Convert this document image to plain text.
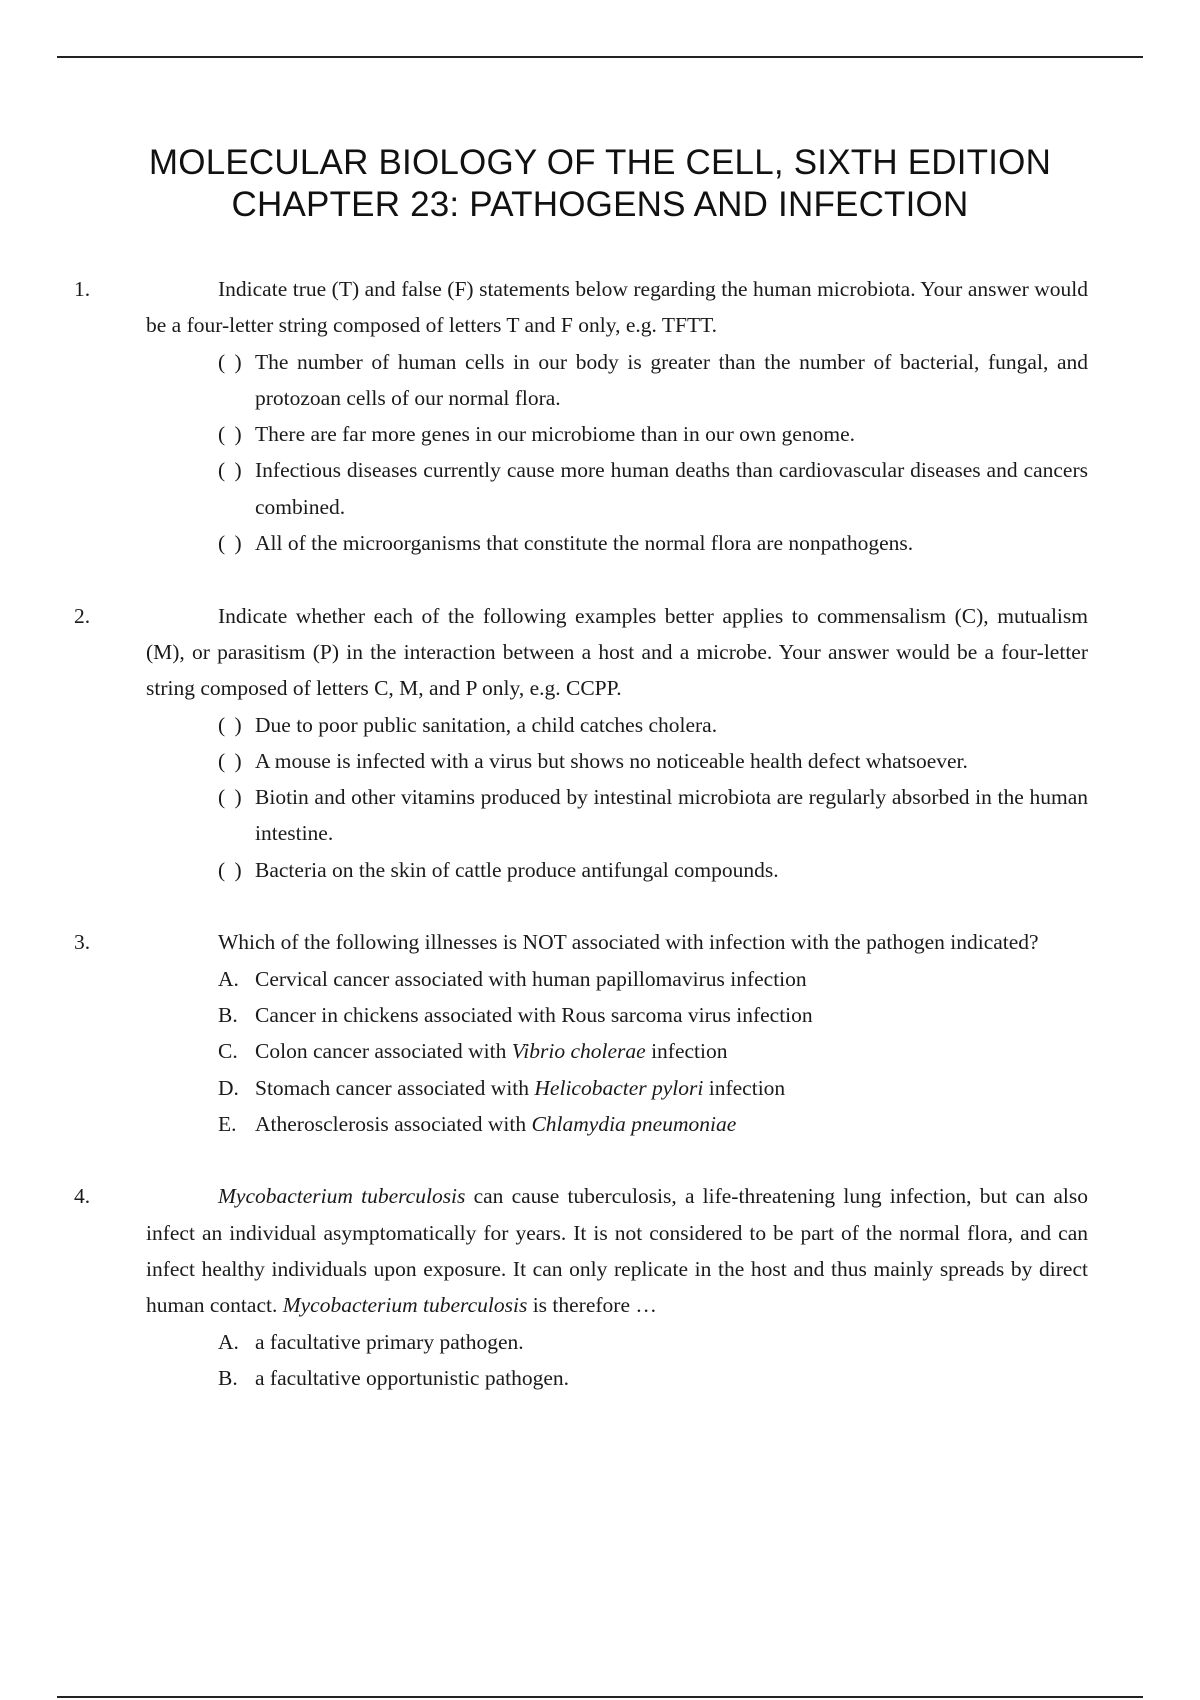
MOLECULAR BIOLOGY OF THE CELL, SIXTH EDITION
CHAPTER 23: PATHOGENS AND INFECTION
1.	Indicate true (T) and false (F) statements below regarding the human microbiota. Your answer would be a four-letter string composed of letters T and F only, e.g. TFTT.
( ) The number of human cells in our body is greater than the number of bacterial, fungal, and protozoan cells of our normal flora.
( ) There are far more genes in our microbiome than in our own genome.
( ) Infectious diseases currently cause more human deaths than cardiovascular diseases and cancers combined.
( ) All of the microorganisms that constitute the normal flora are nonpathogens.
2.	Indicate whether each of the following examples better applies to commensalism (C), mutualism (M), or parasitism (P) in the interaction between a host and a microbe. Your answer would be a four-letter string composed of letters C, M, and P only, e.g. CCPP.
( ) Due to poor public sanitation, a child catches cholera.
( ) A mouse is infected with a virus but shows no noticeable health defect whatsoever.
( ) Biotin and other vitamins produced by intestinal microbiota are regularly absorbed in the human intestine.
( ) Bacteria on the skin of cattle produce antifungal compounds.
3.	Which of the following illnesses is NOT associated with infection with the pathogen indicated?
A. Cervical cancer associated with human papillomavirus infection
B. Cancer in chickens associated with Rous sarcoma virus infection
C. Colon cancer associated with Vibrio cholerae infection
D. Stomach cancer associated with Helicobacter pylori infection
E. Atherosclerosis associated with Chlamydia pneumoniae
4.	Mycobacterium tuberculosis can cause tuberculosis, a life-threatening lung infection, but can also infect an individual asymptomatically for years. It is not considered to be part of the normal flora, and can infect healthy individuals upon exposure. It can only replicate in the host and thus mainly spreads by direct human contact. Mycobacterium tuberculosis is therefore …
A. a facultative primary pathogen.
B. a facultative opportunistic pathogen.
